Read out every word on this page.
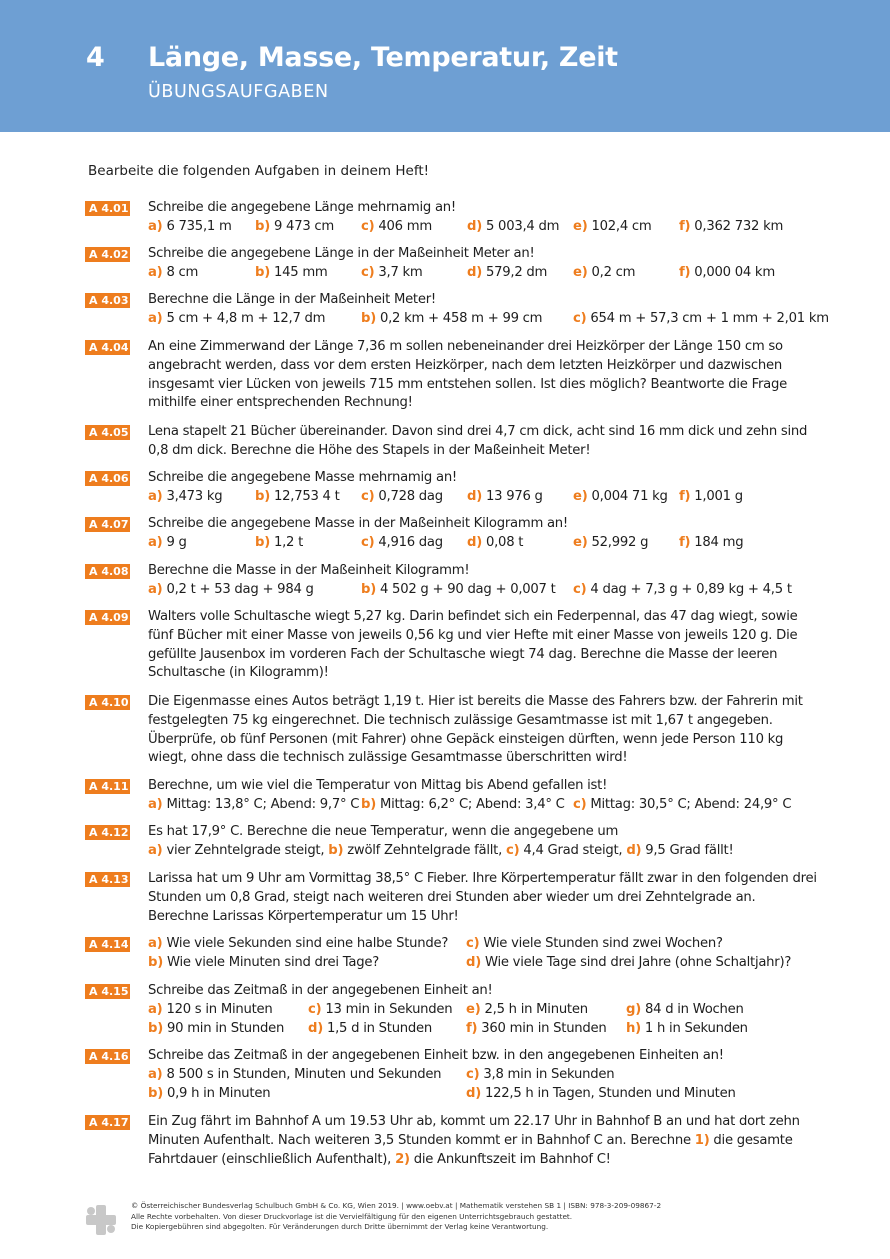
4 Länge, Masse, Temperatur, Zeit
ÜBUNGSAUFGABEN
Bearbeite die folgenden Aufgaben in deinem Heft!
A 4.01 Schreibe die angegebene Länge mehrnamig an!
a) 6 735,1 m b) 9 473 cm c) 406 mm	d) 5 003,4 dm e) 102,4 cm f) 0,362 732 km
A 4.02 Schreibe die angegebene Länge in der Maßeinheit Meter an!
a) 8 cm	b) 145 mm	c) 3,7 km	d) 579,2 dm e) 0,2 cm	f) 0,000 04 km
A 4.03 Berechne die Länge in der Maßeinheit Meter!
a) 5 cm + 4,8 m + 12,7 dm	b) 0,2 km + 458 m + 99 cm c) 654 m + 57,3 cm + 1 mm + 2,01 km
A 4.04 An eine Zimmerwand der Länge 7,36 m sollen nebeneinander drei Heizkörper der Länge 150 cm so
angebracht werden, dass vor dem ersten Heizkörper, nach dem letzten Heizkörper und dazwischen
insgesamt vier Lücken von jeweils 715 mm entstehen sollen. Ist dies möglich? Beantworte die Frage
mithilfe einer entsprechenden Rechnung!
A 4.05 Lena stapelt 21 Bücher übereinander. Davon sind drei 4,7 cm dick, acht sind 16 mm dick und zehn sind
0,8 dm dick. Berechne die Höhe des Stapels in der Maßeinheit Meter!
A 4.06 Schreibe die angegebene Masse mehrnamig an!
a) 3,473 kg b) 12,753 4 t c) 0,728 dag d) 13 976 g e) 0,004 71 kg f) 1,001 g
A 4.07 Schreibe die angegebene Masse in der Maßeinheit Kilogramm an!
a) 9 g	b) 1,2 t	c) 4,916 dag d) 0,08 t	e) 52,992 g f) 184 mg
A 4.08 Berechne die Masse in der Maßeinheit Kilogramm!
a) 0,2 t + 53 dag + 984 g	b) 4 502 g + 90 dag + 0,007 t c) 4 dag + 7,3 g + 0,89 kg + 4,5 t
A 4.09 Walters volle Schultasche wiegt 5,27 kg. Darin befindet sich ein Federpennal, das 47 dag wiegt, sowie
fünf Bücher mit einer Masse von jeweils 0,56 kg und vier Hefte mit einer Masse von jeweils 120 g. Die
gefüllte Jausenbox im vorderen Fach der Schultasche wiegt 74 dag. Berechne die Masse der leeren
Schultasche (in Kilogramm)!
A 4.10 Die Eigenmasse eines Autos beträgt 1,19 t. Hier ist bereits die Masse des Fahrers bzw. der Fahrerin mit
festgelegten 75 kg eingerechnet. Die technisch zulässige Gesamtmasse ist mit 1,67 t angegeben.
Überprüfe, ob fünf Personen (mit Fahrer) ohne Gepäck einsteigen dürften, wenn jede Person 110 kg
wiegt, ohne dass die technisch zulässige Gesamtmasse überschritten wird!
A 4.11 Berechne, um wie viel die Temperatur von Mittag bis Abend gefallen ist!
a) Mittag: 13,8° C; Abend: 9,7° C b) Mittag: 6,2° C; Abend: 3,4° C c) Mittag: 30,5° C; Abend: 24,9° C
A 4.12 Es hat 17,9° C. Berechne die neue Temperatur, wenn die angegebene um
a) vier Zehntelgrade steigt, b) zwölf Zehntelgrade fällt, c) 4,4 Grad steigt, d) 9,5 Grad fällt!
A 4.13 Larissa hat um 9 Uhr am Vormittag 38,5° C Fieber. Ihre Körpertemperatur fällt zwar in den folgenden drei
Stunden um 0,8 Grad, steigt nach weiteren drei Stunden aber wieder um drei Zehntelgrade an.
Berechne Larissas Körpertemperatur um 15 Uhr!
A 4.14 a) Wie viele Sekunden sind eine halbe Stunde? c) Wie viele Stunden sind zwei Wochen?
b) Wie viele Minuten sind drei Tage?	d) Wie viele Tage sind drei Jahre (ohne Schaltjahr)?
A 4.15 Schreibe das Zeitmaß in der angegebenen Einheit an!
a) 120 s in Minuten	c) 13 min in Sekunden e) 2,5 h in Minuten	g) 84 d in Wochen
b) 90 min in Stunden d) 1,5 d in Stunden	f) 360 min in Stunden h) 1 h in Sekunden
A 4.16 Schreibe das Zeitmaß in der angegebenen Einheit bzw. in den angegebenen Einheiten an!
a) 8 500 s in Stunden, Minuten und Sekunden c) 3,8 min in Sekunden
b) 0,9 h in Minuten	d) 122,5 h in Tagen, Stunden und Minuten
A 4.17 Ein Zug fährt im Bahnhof A um 19.53 Uhr ab, kommt um 22.17 Uhr in Bahnhof B an und hat dort zehn
Minuten Aufenthalt. Nach weiteren 3,5 Stunden kommt er in Bahnhof C an. Berechne 1) die gesamte
Fahrtdauer (einschließlich Aufenthalt), 2) die Ankunftszeit im Bahnhof C!
© Österreichischer Bundesverlag Schulbuch GmbH & Co. KG, Wien 2019. | www.oebv.at | Mathematik verstehen SB 1 | ISBN: 978-3-209-09867-2
Alle Rechte vorbehalten. Von dieser Druckvorlage ist die Vervielfältigung für den eigenen Unterrichtsgebrauch gestattet.
Die Kopiergebühren sind abgegolten. Für Veränderungen durch Dritte übernimmt der Verlag keine Verantwortung.
